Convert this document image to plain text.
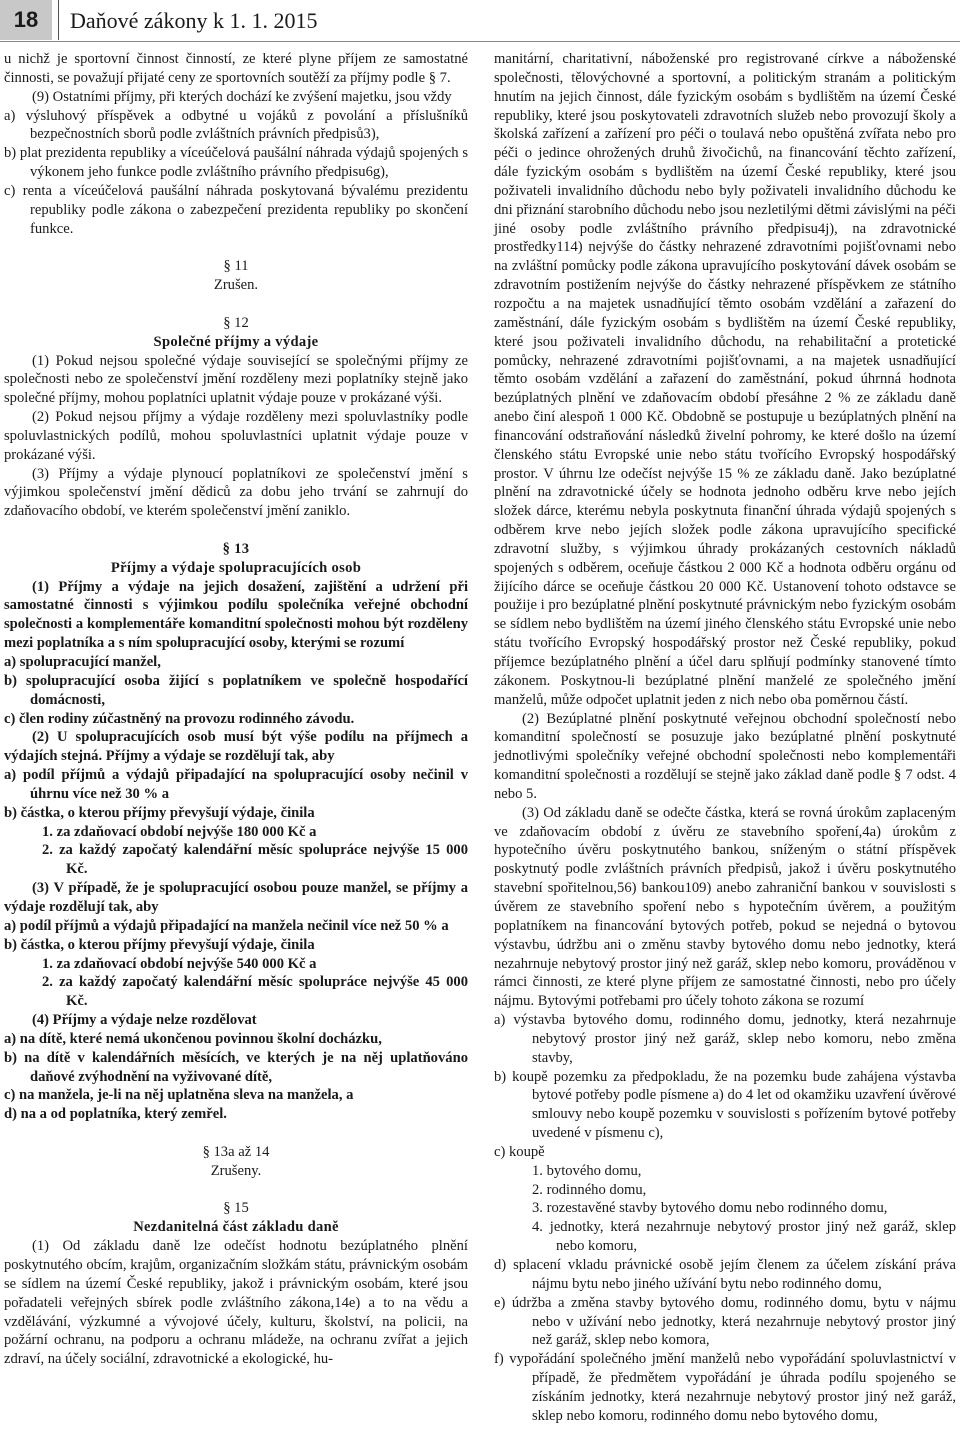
18	Daňové zákony k 1. 1. 2015

u nichž je sportovní činnost činností, ze které plyne příjem ze samostatné činnosti, se považují přijaté ceny ze sportovních soutěží za příjmy podle § 7.

(9) Ostatními příjmy, při kterých dochází ke zvýšení majetku, jsou vždy

a) výsluhový příspěvek a odbytné u vojáků z povolání a příslušníků bezpečnostních sborů podle zvláštních právních předpisů3),

b) plat prezidenta republiky a víceúčelová paušální náhrada výdajů spojených s výkonem jeho funkce podle zvláštního právního předpisu6g),

c) renta a víceúčelová paušální náhrada poskytovaná bývalému prezidentu republiky podle zákona o zabezpečení prezidenta republiky po skončení funkce.

§ 11

Zrušen.

§ 12

Společné příjmy a výdaje

(1) Pokud nejsou společné výdaje související se společnými příjmy ze společnosti nebo ze společenství jmění rozděleny mezi poplatníky stejně jako společné příjmy, mohou poplatníci uplatnit výdaje pouze v prokázané výši.

(2) Pokud nejsou příjmy a výdaje rozděleny mezi spoluvlastníky podle spoluvlastnických podílů, mohou spoluvlastníci uplatnit výdaje pouze v prokázané výši.

(3) Příjmy a výdaje plynoucí poplatníkovi ze společenství jmění s výjimkou společenství jmění dědiců za dobu jeho trvání se zahrnují do zdaňovacího období, ve kterém společenství jmění zaniklo.

§ 13

Příjmy a výdaje spolupracujících osob

(1) Příjmy a výdaje na jejich dosažení, zajištění a udržení při samostatné činnosti s výjimkou podílu společníka veřejné obchodní společnosti a komplementáře komanditní společnosti mohou být rozděleny mezi poplatníka a s ním spolupracující osoby, kterými se rozumí

a) spolupracující manžel,

b) spolupracující osoba žijící s poplatníkem ve společně hospodařící domácnosti,

c) člen rodiny zúčastněný na provozu rodinného závodu.

(2) U spolupracujících osob musí být výše podílu na příjmech a výdajích stejná. Příjmy a výdaje se rozdělují tak, aby

a) podíl příjmů a výdajů připadající na spolupracující osoby nečinil v úhrnu více než 30 % a

b) částka, o kterou příjmy převyšují výdaje, činila

1. za zdaňovací období nejvýše 180 000 Kč a

2. za každý započatý kalendářní měsíc spolupráce nejvýše 15 000 Kč.

(3) V případě, že je spolupracující osobou pouze manžel, se příjmy a výdaje rozdělují tak, aby

a) podíl příjmů a výdajů připadající na manžela nečinil více než 50 % a

b) částka, o kterou příjmy převyšují výdaje, činila

1. za zdaňovací období nejvýše 540 000 Kč a

2. za každý započatý kalendářní měsíc spolupráce nejvýše 45 000 Kč.

(4) Příjmy a výdaje nelze rozdělovat

a) na dítě, které nemá ukončenou povinnou školní docházku,

b) na dítě v kalendářních měsících, ve kterých je na něj uplatňováno daňové zvýhodnění na vyživované dítě,

c) na manžela, je-li na něj uplatněna sleva na manžela, a

d) na a od poplatníka, který zemřel.

§ 13a až 14

Zrušeny.

§ 15

Nezdanitelná část základu daně

(1) Od základu daně lze odečíst hodnotu bezúplatného plnění poskytnutého obcím, krajům, organizačním složkám státu, právnickým osobám se sídlem na území České republiky, jakož i právnickým osobám, které jsou pořadateli veřejných sbírek podle zvláštního zákona,14e) a to na vědu a vzdělávání, výzkumné a vývojové účely, kulturu, školství, na policii, na požární ochranu, na podporu a ochranu mládeže, na ochranu zvířat a jejich zdraví, na účely sociální, zdravotnické a ekologické, hu-

manitární, charitativní, náboženské pro registrované církve a náboženské společnosti, tělovýchovné a sportovní, a politickým stranám a politickým hnutím na jejich činnost, dále fyzickým osobám s bydlištěm na území České republiky, které jsou poskytovateli zdravotních služeb nebo provozují školy a školská zařízení a zařízení pro péči o toulavá nebo opuštěná zvířata nebo pro péči o jedince ohrožených druhů živočichů, na financování těchto zařízení, dále fyzickým osobám s bydlištěm na území České republiky, které jsou poživateli invalidního důchodu nebo byly poživateli invalidního důchodu ke dni přiznání starobního důchodu nebo jsou nezletilými dětmi závislými na péči jiné osoby podle zvláštního právního předpisu4j), na zdravotnické prostředky114) nejvýše do částky nehrazené zdravotními pojišťovnami nebo na zvláštní pomůcky podle zákona upravujícího poskytování dávek osobám se zdravotním postižením nejvýše do částky nehrazené příspěvkem ze státního rozpočtu a na majetek usnadňující těmto osobám vzdělání a zařazení do zaměstnání, dále fyzickým osobám s bydlištěm na území České republiky, které jsou poživateli invalidního důchodu, na rehabilitační a protetické pomůcky, nehrazené zdravotními pojišťovnami, a na majetek usnadňující těmto osobám vzdělání a zařazení do zaměstnání, pokud úhrnná hodnota bezúplatných plnění ve zdaňovacím období přesáhne 2 % ze základu daně anebo činí alespoň 1 000 Kč. Obdobně se postupuje u bezúplatných plnění na financování odstraňování následků živelní pohromy, ke které došlo na území členského státu Evropské unie nebo státu tvořícího Evropský hospodářský prostor. V úhrnu lze odečíst nejvýše 15 % ze základu daně. Jako bezúplatné plnění na zdravotnické účely se hodnota jednoho odběru krve nebo jejích složek dárce, kterému nebyla poskytnuta finanční úhrada výdajů spojených s odběrem krve nebo jejích složek podle zákona upravujícího specifické zdravotní služby, s výjimkou úhrady prokázaných cestovních nákladů spojených s odběrem, oceňuje částkou 2 000 Kč a hodnota odběru orgánu od žijícího dárce se oceňuje částkou 20 000 Kč. Ustanovení tohoto odstavce se použije i pro bezúplatné plnění poskytnuté právnickým nebo fyzickým osobám se sídlem nebo bydlištěm na území jiného členského státu Evropské unie nebo státu tvořícího Evropský hospodářský prostor než České republiky, pokud příjemce bezúplatného plnění a účel daru splňují podmínky stanovené tímto zákonem. Poskytnou-li bezúplatné plnění manželé ze společného jmění manželů, může odpočet uplatnit jeden z nich nebo oba poměrnou částí.

(2) Bezúplatné plnění poskytnuté veřejnou obchodní společností nebo komanditní společností se posuzuje jako bezúplatné plnění poskytnuté jednotlivými společníky veřejné obchodní společnosti nebo komplementáři komanditní společnosti a rozdělují se stejně jako základ daně podle § 7 odst. 4 nebo 5.

(3) Od základu daně se odečte částka, která se rovná úrokům zaplaceným ve zdaňovacím období z úvěru ze stavebního spoření,4a) úrokům z hypotečního úvěru poskytnutého bankou, sníženým o státní příspěvek poskytnutý podle zvláštních právních předpisů, jakož i úvěru poskytnutého stavební spořitelnou,56) bankou109) anebo zahraniční bankou v souvislosti s úvěrem ze stavebního spoření nebo s hypotečním úvěrem, a použitým poplatníkem na financování bytových potřeb, pokud se nejedná o bytovou výstavbu, údržbu ani o změnu stavby bytového domu nebo jednotky, která nezahrnuje nebytový prostor jiný než garáž, sklep nebo komoru, prováděnou v rámci činnosti, ze které plyne příjem ze samostatné činnosti, nebo pro účely nájmu. Bytovými potřebami pro účely tohoto zákona se rozumí

a) výstavba bytového domu, rodinného domu, jednotky, která nezahrnuje nebytový prostor jiný než garáž, sklep nebo komoru, nebo změna stavby,

b) koupě pozemku za předpokladu, že na pozemku bude zahájena výstavba bytové potřeby podle písmene a) do 4 let od okamžiku uzavření úvěrové smlouvy nebo koupě pozemku v souvislosti s pořízením bytové potřeby uvedené v písmenu c),

c) koupě

1. bytového domu,

2. rodinného domu,

3. rozestavěné stavby bytového domu nebo rodinného domu,

4. jednotky, která nezahrnuje nebytový prostor jiný než garáž, sklep nebo komoru,

d) splacení vkladu právnické osobě jejím členem za účelem získání práva nájmu bytu nebo jiného užívání bytu nebo rodinného domu,

e) údržba a změna stavby bytového domu, rodinného domu, bytu v nájmu nebo v užívání nebo jednotky, která nezahrnuje nebytový prostor jiný než garáž, sklep nebo komora,

f) vypořádání společného jmění manželů nebo vypořádání spoluvlastnictví v případě, že předmětem vypořádání je úhrada podílu spojeného se získáním jednotky, která nezahrnuje nebytový prostor jiný než garáž, sklep nebo komoru, rodinného domu nebo bytového domu,
